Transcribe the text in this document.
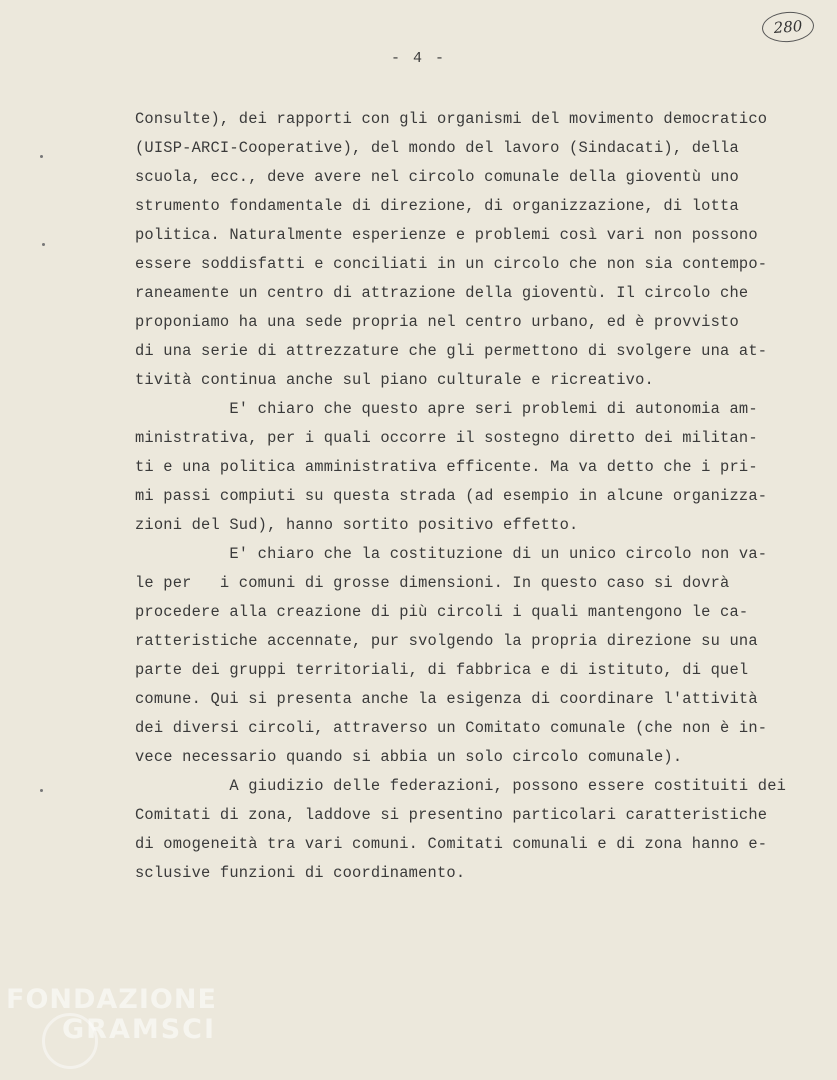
280
- 4 -
Consulte), dei rapporti con gli organismi del movimento democratico
(UISP-ARCI-Cooperative), del mondo del lavoro (Sindacati), della
scuola, ecc., deve avere nel circolo comunale della gioventù uno
strumento fondamentale di direzione, di organizzazione, di lotta
politica. Naturalmente esperienze e problemi così vari non possono
essere soddisfatti e conciliati in un circolo che non sia contempo-
raneamente un centro di attrazione della gioventù. Il circolo che
proponiamo ha una sede propria nel centro urbano, ed è provvisto
di una serie di attrezzature che gli permettono di svolgere una at-
tività continua anche sul piano culturale e ricreativo.
E' chiaro che questo apre seri problemi di autonomia am-
ministrativa, per i quali occorre il sostegno diretto dei militan-
ti e una politica amministrativa efficente. Ma va detto che i pri-
mi passi compiuti su questa strada (ad esempio in alcune organizza-
zioni del Sud), hanno sortito positivo effetto.
E' chiaro che la costituzione di un unico circolo non va-
le per   i comuni di grosse dimensioni. In questo caso si dovrà
procedere alla creazione di più circoli i quali mantengono le ca-
ratteristiche accennate, pur svolgendo la propria direzione su una
parte dei gruppi territoriali, di fabbrica e di istituto, di quel
comune. Qui si presenta anche la esigenza di coordinare l'attività
dei diversi circoli, attraverso un Comitato comunale (che non è in-
vece necessario quando si abbia un solo circolo comunale).
A giudizio delle federazioni, possono essere costituiti dei
Comitati di zona, laddove si presentino particolari caratteristiche
di omogeneità tra vari comuni. Comitati comunali e di zona hanno e-
sclusive funzioni di coordinamento.
FONDAZIONE
GRAMSCI
